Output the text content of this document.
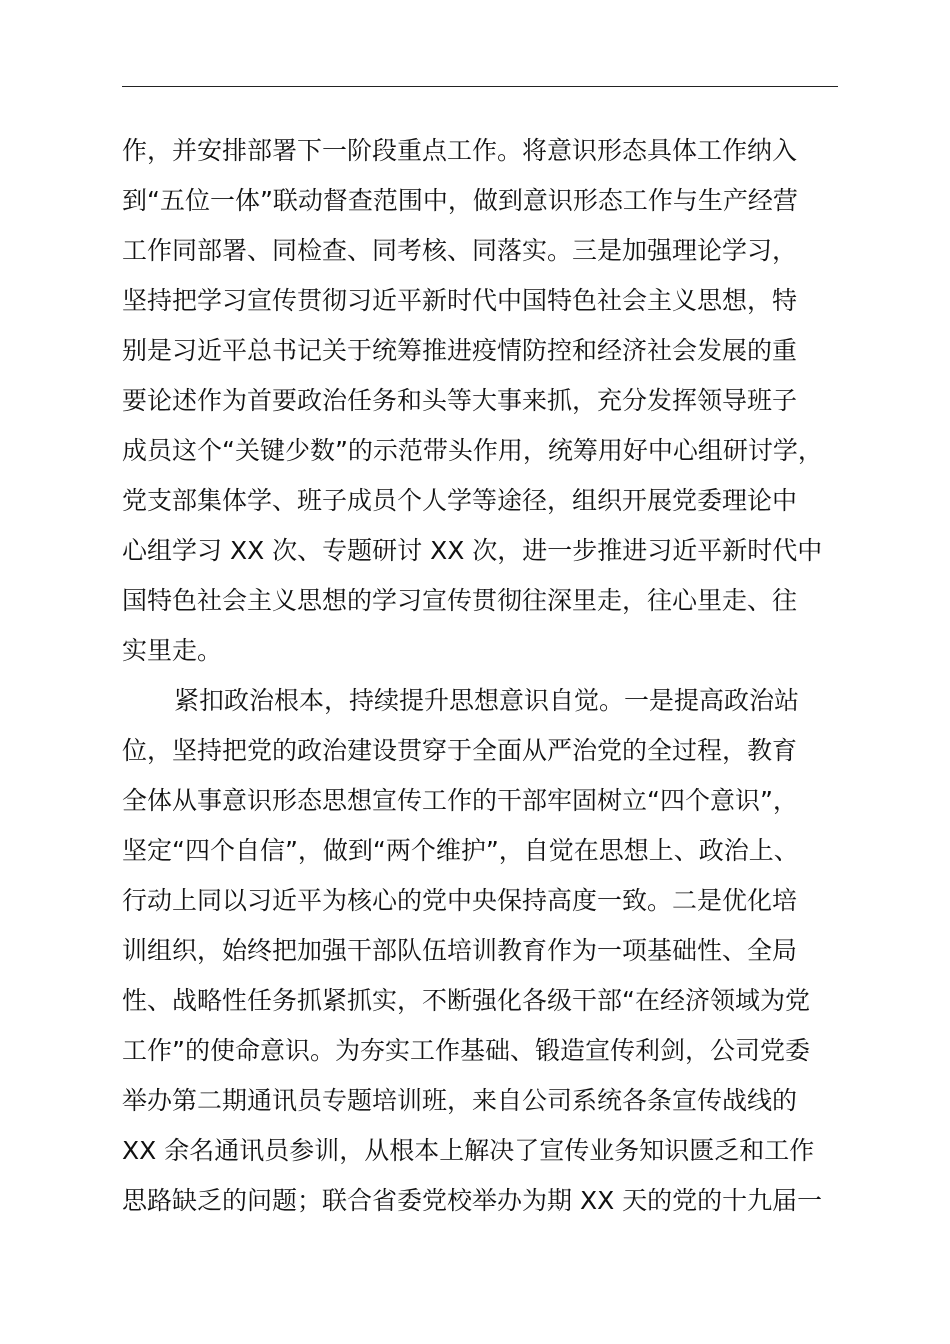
作，并安排部署下一阶段重点工作。将意识形态具体工作纳入
到“五位一体”联动督查范围中，做到意识形态工作与生产经营
工作同部署、同检查、同考核、同落实。三是加强理论学习，
坚持把学习宣传贯彻习近平新时代中国特色社会主义思想，特
别是习近平总书记关于统筹推进疫情防控和经济社会发展的重
要论述作为首要政治任务和头等大事来抓，充分发挥领导班子
成员这个“关键少数”的示范带头作用，统筹用好中心组研讨学，
党支部集体学、班子成员个人学等途径，组织开展党委理论中
心组学习 XX 次、专题研讨 XX 次，进一步推进习近平新时代中
国特色社会主义思想的学习宣传贯彻往深里走，往心里走、往
实里走。
紧扣政治根本，持续提升思想意识自觉。一是提高政治站
位，坚持把党的政治建设贯穿于全面从严治党的全过程，教育
全体从事意识形态思想宣传工作的干部牢固树立“四个意识”，
坚定“四个自信”，做到“两个维护”，自觉在思想上、政治上、
行动上同以习近平为核心的党中央保持高度一致。二是优化培
训组织，始终把加强干部队伍培训教育作为一项基础性、全局
性、战略性任务抓紧抓实，不断强化各级干部“在经济领域为党
工作”的使命意识。为夯实工作基础、锻造宣传利剑，公司党委
举办第二期通讯员专题培训班，来自公司系统各条宣传战线的
XX 余名通讯员参训，从根本上解决了宣传业务知识匮乏和工作
思路缺乏的问题；联合省委党校举办为期 XX 天的党的十九届一
